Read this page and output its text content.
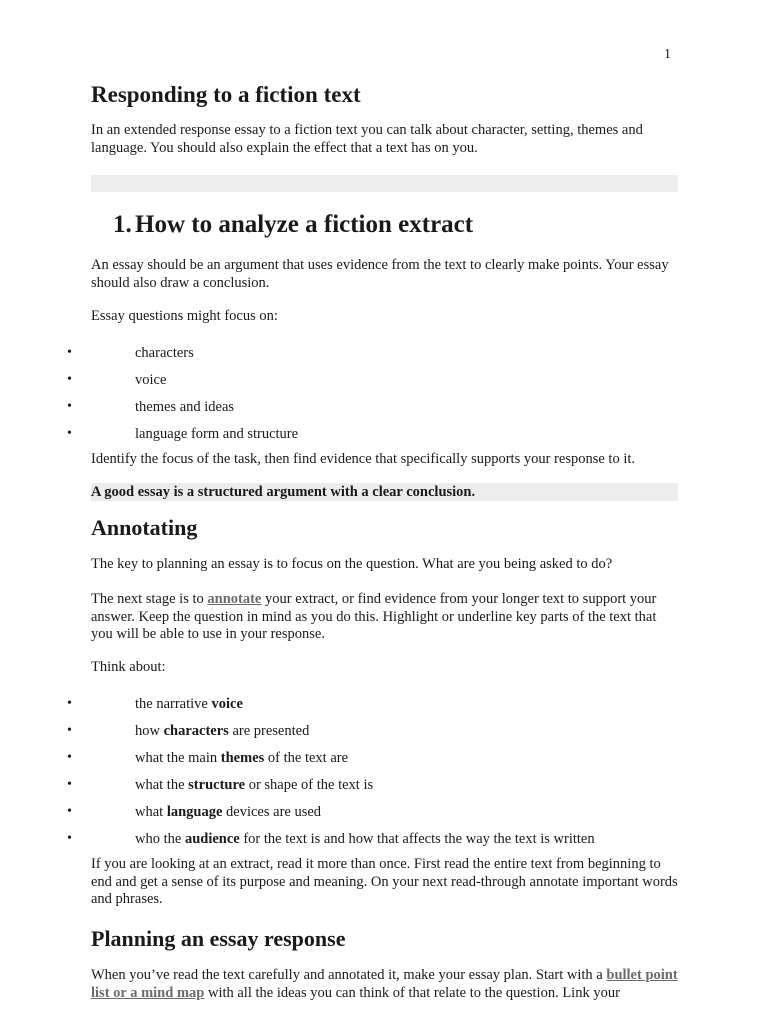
1
Responding to a fiction text

In an extended response essay to a fiction text you can talk about character, setting, themes and language. You should also explain the effect that a text has on you.

1. How to analyze a fiction extract

An essay should be an argument that uses evidence from the text to clearly make points. Your essay should also draw a conclusion.

Essay questions might focus on:

•	characters
•	voice
•	themes and ideas
•	language form and structure

Identify the focus of the task, then find evidence that specifically supports your response to it.

A good essay is a structured argument with a clear conclusion.

Annotating

The key to planning an essay is to focus on the question. What are you being asked to do?

The next stage is to annotate your extract, or find evidence from your longer text to support your answer. Keep the question in mind as you do this. Highlight or underline key parts of the text that you will be able to use in your response.

Think about:

•	the narrative voice
•	how characters are presented
•	what the main themes of the text are
•	what the structure or shape of the text is
•	what language devices are used
•	who the audience for the text is and how that affects the way the text is written

If you are looking at an extract, read it more than once. First read the entire text from beginning to end and get a sense of its purpose and meaning. On your next read-through annotate important words and phrases.

Planning an essay response

When you’ve read the text carefully and annotated it, make your essay plan. Start with a bullet point list or a mind map with all the ideas you can think of that relate to the question. Link your
